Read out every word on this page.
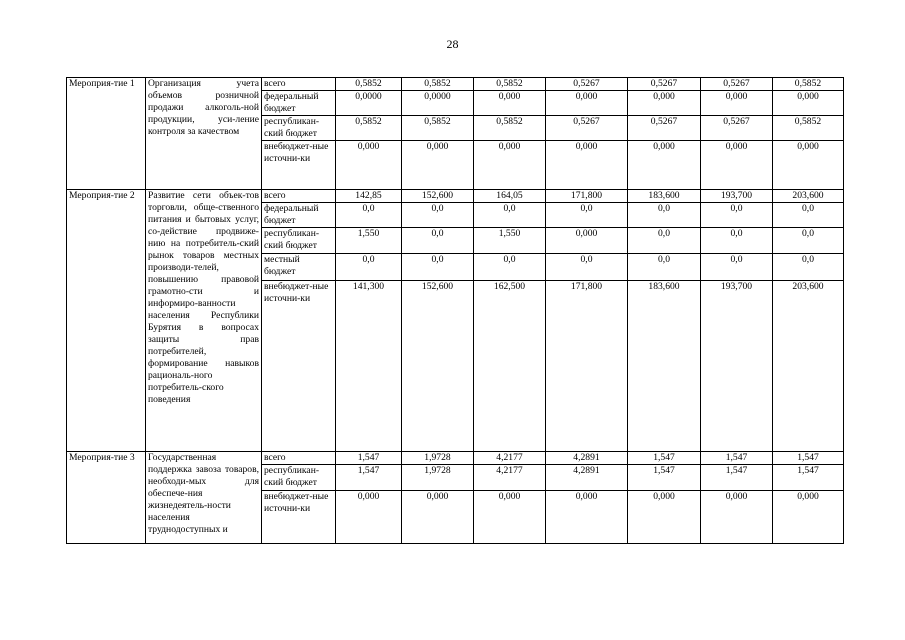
28
Мероприя-тие 1	Организация учета объемов розничной продажи алкоголь-ной продукции, уси-ление контроля за качеством	всего	0,5852	0,5852	0,5852	0,5267	0,5267	0,5267	0,5852
		федеральный бюджет	0,0000	0,0000	0,000	0,000	0,000	0,000	0,000
		республикан-ский бюджет	0,5852	0,5852	0,5852	0,5267	0,5267	0,5267	0,5852
		внебюджет-ные источни-ки	0,000	0,000	0,000	0,000	0,000	0,000	0,000
Мероприя-тие 2	Развитие сети объек-тов торговли, обще-ственного питания и бытовых услуг, со-действие продвиже-нию на потребитель-ский рынок товаров местных производи-телей, повышению правовой грамотно-сти и информиро-ванности населения Республики Бурятия в вопросах защиты прав потребителей, формирование навыков рациональ-ного потребитель-ского поведения	всего	142,85	152,600	164,05	171,800	183,600	193,700	203,600
		федеральный бюджет	0,0	0,0	0,0	0,0	0,0	0,0	0,0
		республикан-ский бюджет	1,550	0,0	1,550	0,000	0,0	0,0	0,0
		местный бюджет	0,0	0,0	0,0	0,0	0,0	0,0	0,0
		внебюджет-ные источни-ки	141,300	152,600	162,500	171,800	183,600	193,700	203,600
Мероприя-тие 3	Государственная поддержка завоза товаров, необходи-мых для обеспече-ния жизнедеятель-ности населения труднодоступных и	всего	1,547	1,9728	4,2177	4,2891	1,547	1,547	1,547
		республикан-ский бюджет	1,547	1,9728	4,2177	4,2891	1,547	1,547	1,547
		внебюджет-ные источни-ки	0,000	0,000	0,000	0,000	0,000	0,000	0,000
